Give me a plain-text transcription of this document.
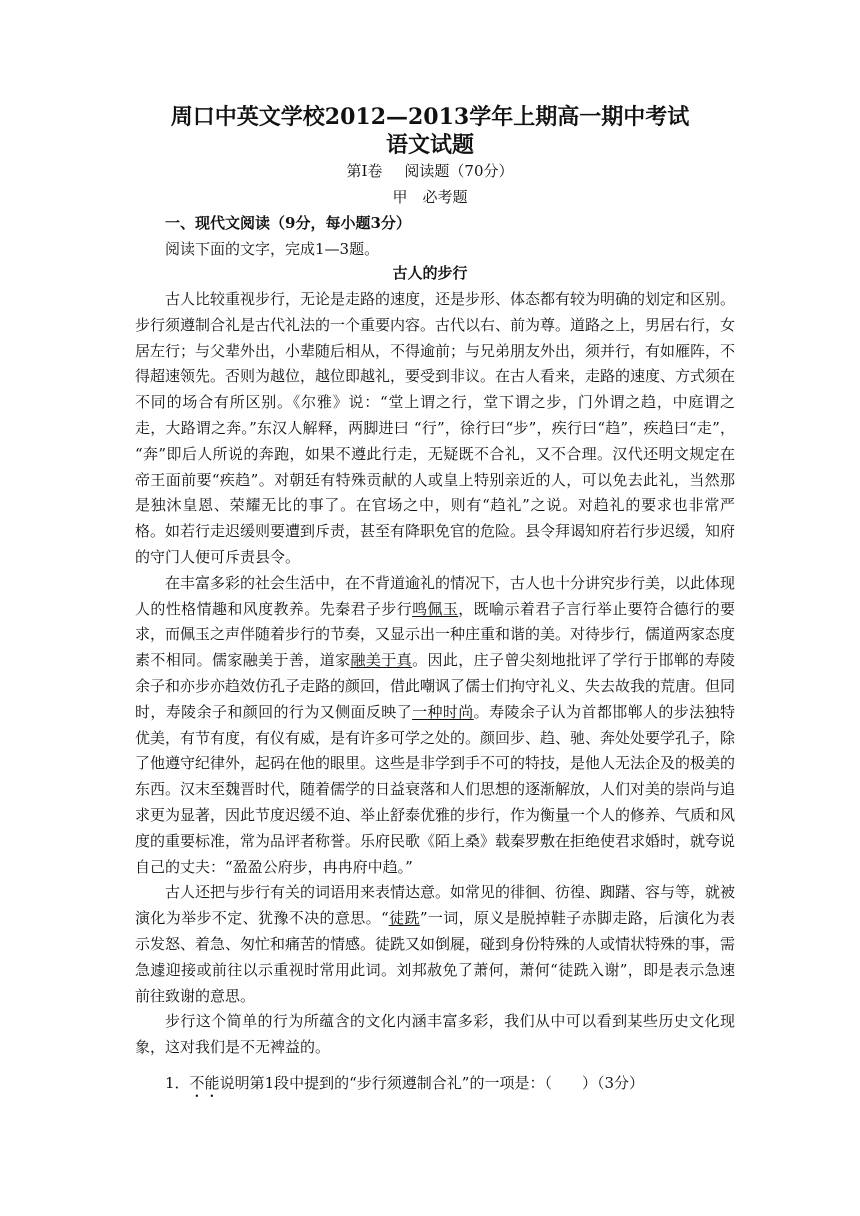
周口中英文学校2012—2013学年上期高一期中考试
语文试题
第Ⅰ卷 阅读题（70分）
甲　必考题
一、现代文阅读（9分，每小题3分）
阅读下面的文字，完成1—3题。
古人的步行

古人比较重视步行，无论是走路的速度，还是步形、体态都有较为明确的划定和区别。步行须遵制合礼是古代礼法的一个重要内容。古代以右、前为尊。道路之上，男居右行，女居左行；与父辈外出，小辈随后相从，不得逾前；与兄弟朋友外出，须并行，有如雁阵，不得超速领先。否则为越位，越位即越礼，要受到非议。在古人看来，走路的速度、方式须在不同的场合有所区别。《尔雅》说：“堂上谓之行，堂下谓之步，门外谓之趋，中庭谓之走，大路谓之奔。”东汉人解释，两脚进曰 “行”，徐行曰“步”，疾行曰“趋”，疾趋曰“走”， “奔”即后人所说的奔跑，如果不遵此行走，无疑既不合礼，又不合理。汉代还明文规定在帝王面前要“疾趋”。对朝廷有特殊贡献的人或皇上特别亲近的人，可以免去此礼，当然那是独沐皇恩、荣耀无比的事了。在官场之中，则有“趋礼”之说。对趋礼的要求也非常严格。如若行走迟缓则要遭到斥责，甚至有降职免官的危险。县令拜谒知府若行步迟缓，知府的守门人便可斥责县令。

在丰富多彩的社会生活中，在不背道逾礼的情况下，古人也十分讲究步行美，以此体现人的性格情趣和风度教养。先秦君子步行鸣佩玉，既喻示着君子言行举止要符合德行的要求，而佩玉之声伴随着步行的节奏，又显示出一种庄重和谐的美。对待步行，儒道两家态度素不相同。儒家融美于善，道家融美于真。因此，庄子曾尖刻地批评了学行于邯郸的寿陵余子和亦步亦趋效仿孔子走路的颜回，借此嘲讽了儒士们拘守礼义、失去故我的荒唐。但同时，寿陵余子和颜回的行为又侧面反映了一种时尚。寿陵余子认为首都邯郸人的步法独特优美，有节有度，有仪有威，是有许多可学之处的。颜回步、趋、驰、奔处处要学孔子，除了他遵守纪律外，起码在他的眼里。这些是非学到手不可的特技，是他人无法企及的极美的东西。汉末至魏晋时代，随着儒学的日益衰落和人们思想的逐渐解放，人们对美的崇尚与追求更为显著，因此节度迟缓不迫、举止舒泰优雅的步行，作为衡量一个人的修养、气质和风度的重要标准，常为品评者称誉。乐府民歌《陌上桑》载秦罗敷在拒绝使君求婚时，就夸说自己的丈夫：“盈盈公府步，冉冉府中趋。”

古人还把与步行有关的词语用来表情达意。如常见的徘徊、彷徨、踟躇、容与等，就被演化为举步不定、犹豫不决的意思。“徒跣”一词，原义是脱掉鞋子赤脚走路，后演化为表示发怒、着急、匆忙和痛苦的情感。徒跣又如倒屣，碰到身份特殊的人或情状特殊的事，需急遽迎接或前往以示重视时常用此词。刘邦赦免了萧何，萧何“徒跣入谢”，即是表示急速前往致谢的意思。

步行这个简单的行为所蕴含的文化内涵丰富多彩，我们从中可以看到某些历史文化现象，这对我们是不无裨益的。

1．不能说明第1段中提到的“步行须遵制合礼”的一项是：（　　）（3分）
